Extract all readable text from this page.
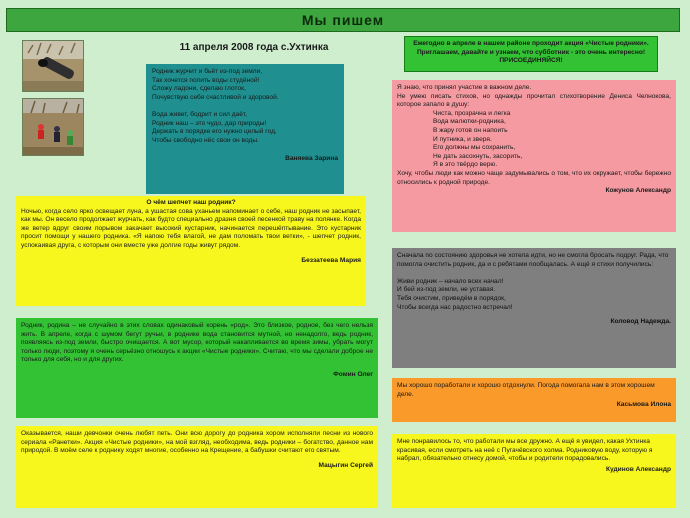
Мы пишем
11 апреля 2008 года с.Ухтинка	Ежегодно в апреле в нашем районе проходит акция «Чистые родники». Приглашаем, давайте и узнаем, что субботник - это очень интересно! ПРИСОЕДИНЯЙСЯ!

Родник журчит и бьёт из-под земли,
Так хочется попить воды студёной!
Сложу ладони, сделаю глоток,
Почувствую себя счастливой и здоровой.

Вода живет, бодрит и сил даёт,
Родник наш – это чудо, дар природы!
Держать в порядке его нужно целый год,
Чтобы свободно нёс свои он воды.

Ваняева Зарина
О чём шепчет наш родник?

Ночью, когда село ярко освещает луна, а ушастая сова уханьем напоминает о себе, наш родник не засыпает, как мы. Он весело продолжает журчать, как будто специально дразня своей песенкой траву на полянке. Когда же ветер вдруг своим порывом закачает высокий кустарник, начинается перешёптывание. Это кустарник просит помощи у нашего родника. «Я напою тебя влагой, не дам поломать твои ветки», - шепчет родник, успокаивая друга, с которым они вместе уже долгие годы живут рядом.

Беззатеева Мария

Родник, родина – не случайно в этих словах одинаковый корень «род». Это близкое, родное, без чего нельзя жить. В апреле, когда с шумом бегут ручьи, в роднике вода становится мутной, но ненадолго, ведь родник, появляясь из-под земли, быстро очищается. А вот мусор, который накапливается во время зимы, убрать могут только люди, поэтому я очень серьёзно отношусь к акции «Чистые родники». Считаю, что мы сделали доброе не только для себя, но и для других.

Фомин Олег

Оказывается, наши девчонки очень любят петь. Они всю дорогу до родника хором исполняли песни из нового сериала «Ранетки». Акция «Чистые родники», на мой взгляд, необходима, ведь родники – богатство, данное нам природой. В моём селе к роднику ходят многие, особенно на Крещение, а бабушки считают его святым.

Мацыгин Сергей

Я знаю, что принял участие в важном деле.
Не умею писать стихов, но однажды прочитал стихотворение Дениса Челнокова, которое запало в душу:

Чиста, прозрачна и легка
Вода малютки-родника,
В жару готов он напоить
И путника, и зверя.
Его должны мы сохранить,
Не дать засохнуть, засорить,
Я в это твёрдо верю.

Хочу, чтобы люди как можно чаще задумывались о том, что их окружает, чтобы бережно относились к родной природе.

Кожунов Александр

Сначала по состоянию здоровья не хотела идти, но не смогла бросать подруг. Рада, что помогла очистить родник, да и с ребятами пообщалась. А ещё я стихи получились:

Живи родник – начало всех начал!
И бей из-под земли, не уставая.
Тебя очистим, приведём в порядок,
Чтобы всегда нас радостно встречал!

Коловод Надежда.

Мы хорошо поработали и хорошо отдохнули. Погода помогала нам в этом хорошем деле.

Касьмова Илона

Мне понравилось то, что работали мы все дружно. А ещё я увидел, какая Ухтинка красивая, если смотреть на неё с Пугачёвского холма. Родниковую воду, которую я набрал, обязательно отнесу домой, чтобы и родители порадовались.

Кудинов Александр
